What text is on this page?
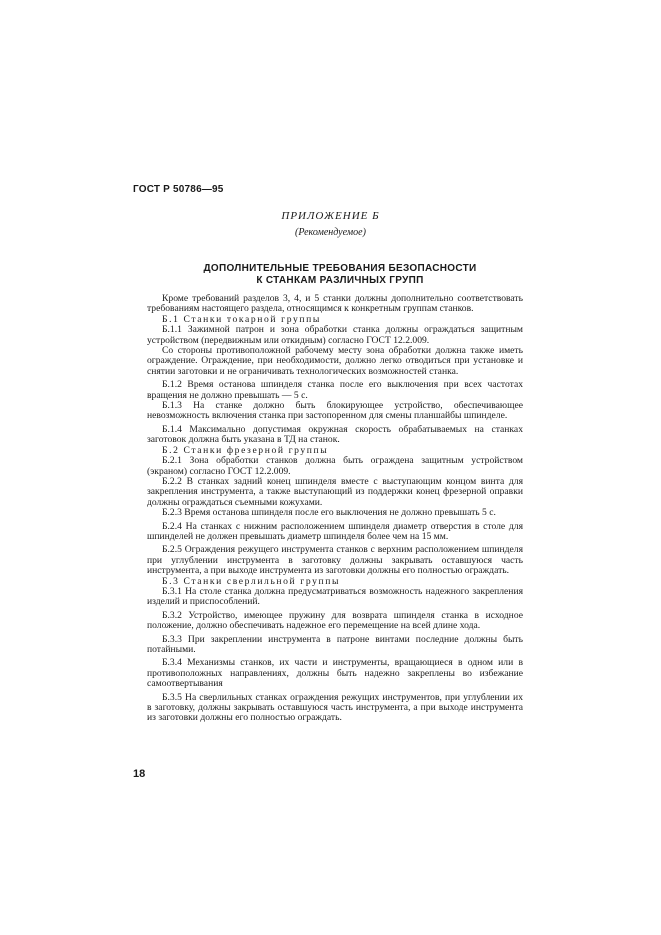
ГОСТ Р 50786—95
ПРИЛОЖЕНИЕ Б
(Рекомендуемое)
ДОПОЛНИТЕЛЬНЫЕ ТРЕБОВАНИЯ БЕЗОПАСНОСТИ
К СТАНКАМ РАЗЛИЧНЫХ ГРУПП

Кроме требований разделов 3, 4, и 5 станки должны дополнительно соответствовать требованиям настоящего раздела, относящимся к конкретным группам станков.

Б.1 Станки токарной группы

Б.1.1 Зажимной патрон и зона обработки станка должны ограждаться защитным устройством (передвижным или откидным) согласно ГОСТ 12.2.009.

Со стороны противоположной рабочему месту зона обработки должна также иметь ограждение. Ограждение, при необходимости, должно легко отводиться при установке и снятии заготовки и не ограничивать технологических возможностей станка.

Б.1.2 Время останова шпинделя станка после его выключения при всех частотах вращения не должно превышать — 5 с.

Б.1.3 На станке должно быть блокирующее устройство, обеспечивающее невозможность включения станка при застопоренном для смены планшайбы шпинделе.

Б.1.4 Максимально допустимая окружная скорость обрабатываемых на станках заготовок должна быть указана в ТД на станок.

Б.2 Станки фрезерной группы

Б.2.1 Зона обработки станков должна быть ограждена защитным устройством (экраном) согласно ГОСТ 12.2.009.

Б.2.2 В станках задний конец шпинделя вместе с выступающим концом винта для закрепления инструмента, а также выступающий из поддержки конец фрезерной оправки должны ограждаться съемными кожухами.

Б.2.3 Время останова шпинделя после его выключения не должно превышать 5 с.

Б.2.4 На станках с нижним расположением шпинделя диаметр отверстия в столе для шпинделей не должен превышать диаметр шпинделя более чем на 15 мм.

Б.2.5 Ограждения режущего инструмента станков с верхним расположением шпинделя при углублении инструмента в заготовку должны закрывать оставшуюся часть инструмента, а при выходе инструмента из заготовки должны его полностью ограждать.

Б.3 Станки сверлильной группы

Б.3.1 На столе станка должна предусматриваться возможность надежного закрепления изделий и приспособлений.

Б.3.2 Устройство, имеющее пружину для возврата шпинделя станка в исходное положение, должно обеспечивать надежное его перемещение на всей длине хода.

Б.3.3 При закреплении инструмента в патроне винтами последние должны быть потайными.

Б.3.4 Механизмы станков, их части и инструменты, вращающиеся в одном или в противоположных направлениях, должны быть надежно закреплены во избежание самоотвертывания

Б.3.5 На сверлильных станках ограждения режущих инструментов, при углублении их в заготовку, должны закрывать оставшуюся часть инструмента, а при выходе инструмента из заготовки должны его полностью ограждать.

18
